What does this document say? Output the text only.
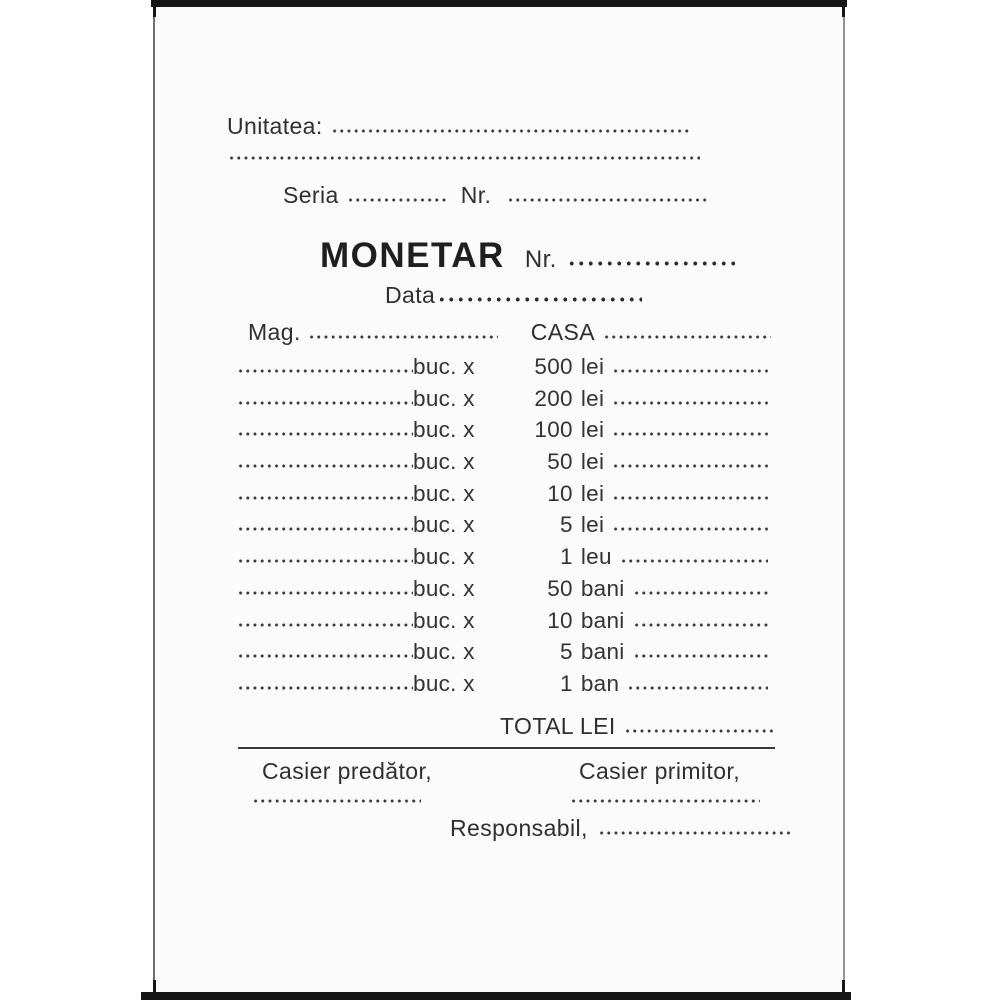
Unitatea:
Seria	Nr.
MONETAR Nr.
Data
Mag.	CASA
buc. x	500 lei
buc. x	200 lei
buc. x	100 lei
buc. x	50 lei
buc. x	10 lei
buc. x	5 lei
buc. x	1 leu
buc. x	50 bani
buc. x	10 bani
buc. x	5 bani
buc. x	1 ban
TOTAL LEI
Casier predător,	Casier primitor,
Responsabil,
